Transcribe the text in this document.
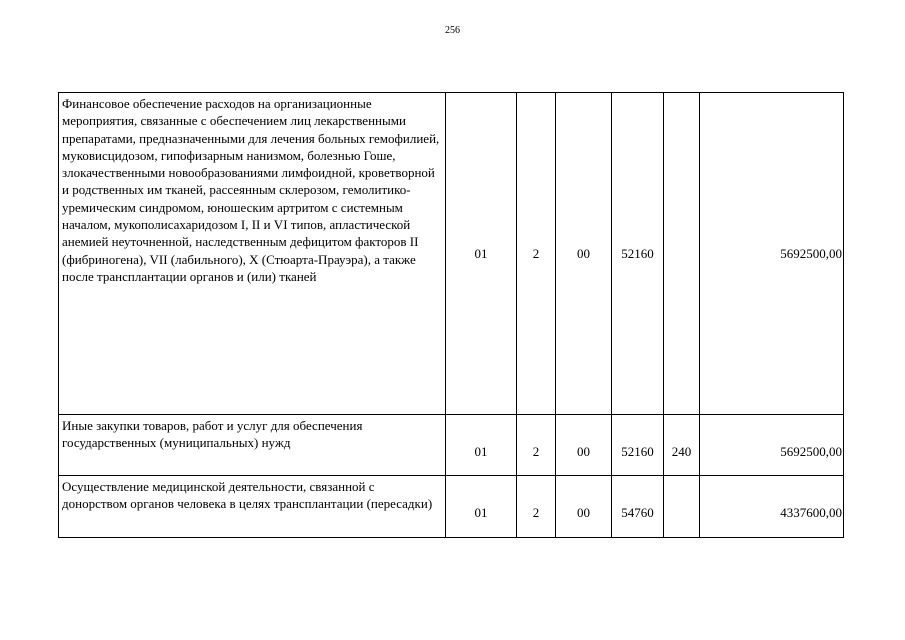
256
Финансовое обеспечение расходов на организационные мероприятия, связанные с обеспечением лиц лекарственными препаратами, предназначенными для лечения больных гемофилией, муковисцидозом, гипофизарным нанизмом, болезнью Гоше, злокачественными новообразованиями лимфоидной, кроветворной и родственных им тканей, рассеянным склерозом, гемолитико-уремическим синдромом, юношеским артритом с системным началом, мукополисахаридозом I, II и VI типов, апластической анемией неуточненной, наследственным дефицитом факторов II (фибриногена), VII (лабильного), X (Стюарта-Прауэра), а также после трансплантации органов и (или) тканей	01	2	00	52160		5692500,00
Иные закупки товаров, работ и услуг для обеспечения государственных (муниципальных) нужд	01	2	00	52160	240	5692500,00
Осуществление медицинской деятельности, связанной с донорством органов человека в целях трансплантации (пересадки)	01	2	00	54760		4337600,00
